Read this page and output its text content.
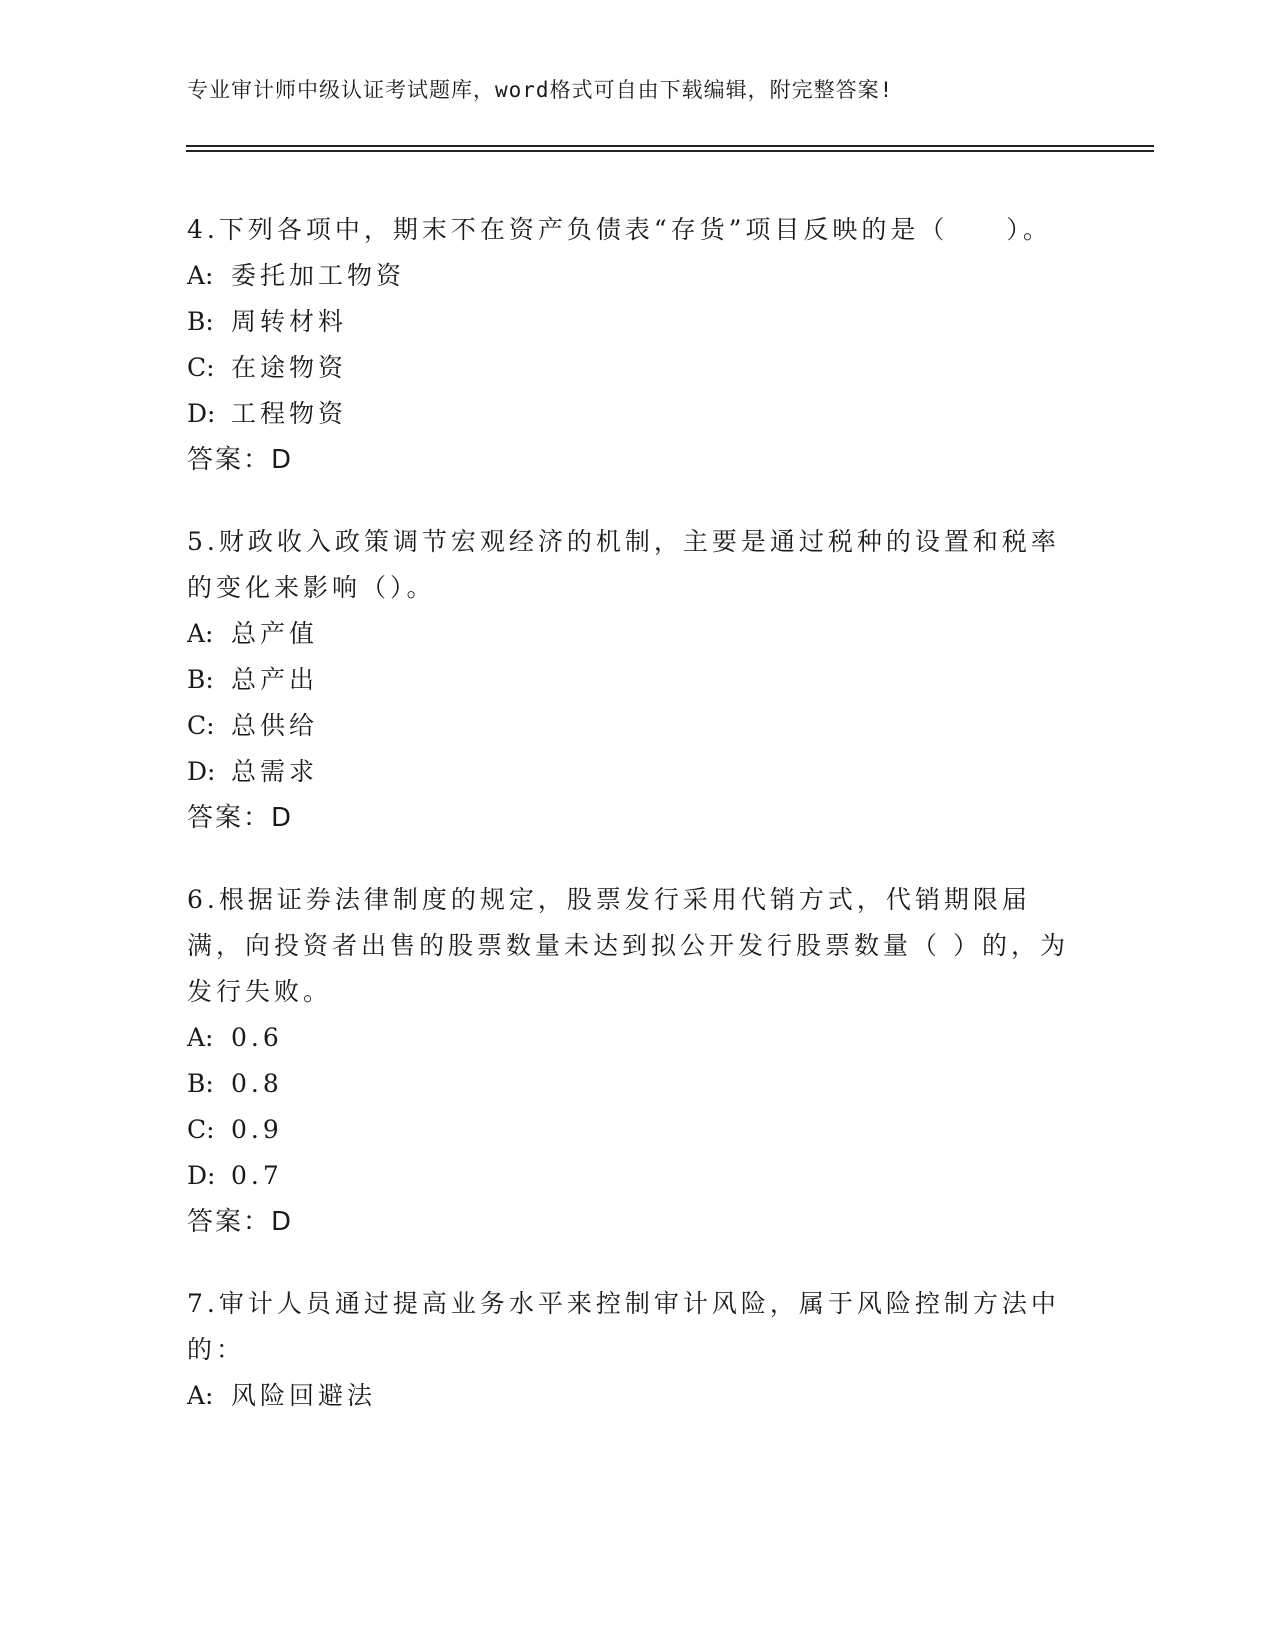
专业审计师中级认证考试题库，word格式可自由下载编辑，附完整答案!

4.下列各项中，期末不在资产负债表“存货”项目反映的是（　　）。

A: 委托加工物资

B: 周转材料

C: 在途物资

D: 工程物资

答案：D

5.财政收入政策调节宏观经济的机制，主要是通过税种的设置和税率的变化来影响（）。

A: 总产值

B: 总产出

C: 总供给

D: 总需求

答案：D

6.根据证券法律制度的规定，股票发行采用代销方式，代销期限届满，向投资者出售的股票数量未达到拟公开发行股票数量（ ）的，为发行失败。

A: 0.6

B: 0.8

C: 0.9

D: 0.7

答案：D

7.审计人员通过提高业务水平来控制审计风险，属于风险控制方法中的：

A: 风险回避法
